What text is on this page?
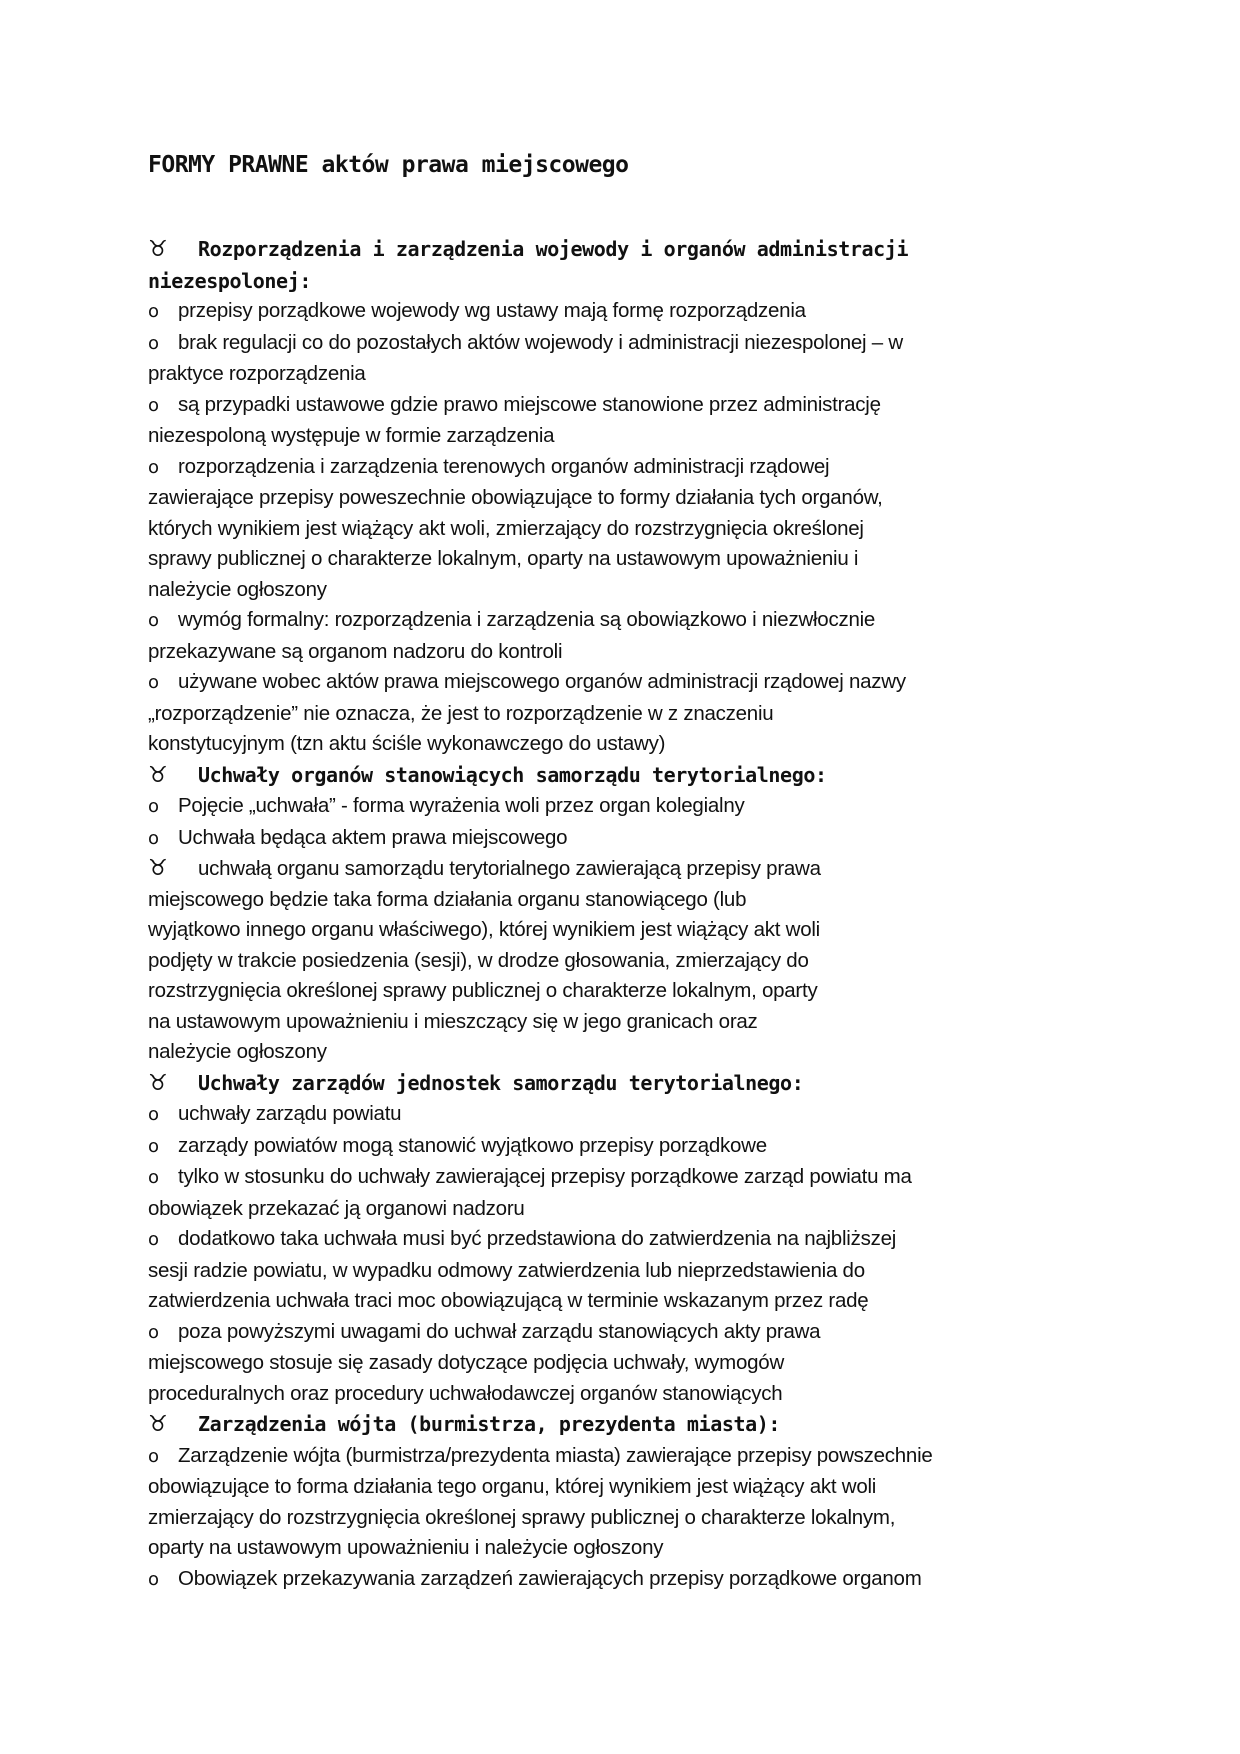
FORMY PRAWNE aktów prawa miejscowego
♉ Rozporządzenia i zarządzenia wojewody i organów administracji
niezespolonej:
o przepisy porządkowe wojewody wg ustawy mają formę rozporządzenia
o brak regulacji co do pozostałych aktów wojewody i administracji niezespolonej – w
praktyce rozporządzenia
o są przypadki ustawowe gdzie prawo miejscowe stanowione przez administrację
niezespoloną występuje w formie zarządzenia
o rozporządzenia i zarządzenia terenowych organów administracji rządowej
zawierające przepisy poweszechnie obowiązujące to formy działania tych organów,
których wynikiem jest wiążący akt woli, zmierzający do rozstrzygnięcia określonej
sprawy publicznej o charakterze lokalnym, oparty na ustawowym upoważnieniu i
należycie ogłoszony
o wymóg formalny: rozporządzenia i zarządzenia są obowiązkowo i niezwłocznie
przekazywane są organom nadzoru do kontroli
o używane wobec aktów prawa miejscowego organów administracji rządowej nazwy
„rozporządzenie” nie oznacza, że jest to rozporządzenie w z znaczeniu
konstytucyjnym (tzn aktu ściśle wykonawczego do ustawy)
♉ Uchwały organów stanowiących samorządu terytorialnego:
o Pojęcie „uchwała” - forma wyrażenia woli przez organ kolegialny
o Uchwała będąca aktem prawa miejscowego
♉ uchwałą organu samorządu terytorialnego zawierającą przepisy prawa
miejscowego będzie taka forma działania organu stanowiącego (lub
wyjątkowo innego organu właściwego), której wynikiem jest wiążący akt woli
podjęty w trakcie posiedzenia (sesji), w drodze głosowania, zmierzający do
rozstrzygnięcia określonej sprawy publicznej o charakterze lokalnym, oparty
na ustawowym upoważnieniu i mieszczący się w jego granicach oraz
należycie ogłoszony
♉ Uchwały zarządów jednostek samorządu terytorialnego:
o uchwały zarządu powiatu
o zarządy powiatów mogą stanowić wyjątkowo przepisy porządkowe
o tylko w stosunku do uchwały zawierającej przepisy porządkowe zarząd powiatu ma
obowiązek przekazać ją organowi nadzoru
o dodatkowo taka uchwała musi być przedstawiona do zatwierdzenia na najbliższej
sesji radzie powiatu, w wypadku odmowy zatwierdzenia lub nieprzedstawienia do
zatwierdzenia uchwała traci moc obowiązującą w terminie wskazanym przez radę
o poza powyższymi uwagami do uchwał zarządu stanowiących akty prawa
miejscowego stosuje się zasady dotyczące podjęcia uchwały, wymogów
proceduralnych oraz procedury uchwałodawczej organów stanowiących
♉ Zarządzenia wójta (burmistrza, prezydenta miasta):
o Zarządzenie wójta (burmistrza/prezydenta miasta) zawierające przepisy powszechnie
obowiązujące to forma działania tego organu, której wynikiem jest wiążący akt woli
zmierzający do rozstrzygnięcia określonej sprawy publicznej o charakterze lokalnym,
oparty na ustawowym upoważnieniu i należycie ogłoszony
o Obowiązek przekazywania zarządzeń zawierających przepisy porządkowe organom
